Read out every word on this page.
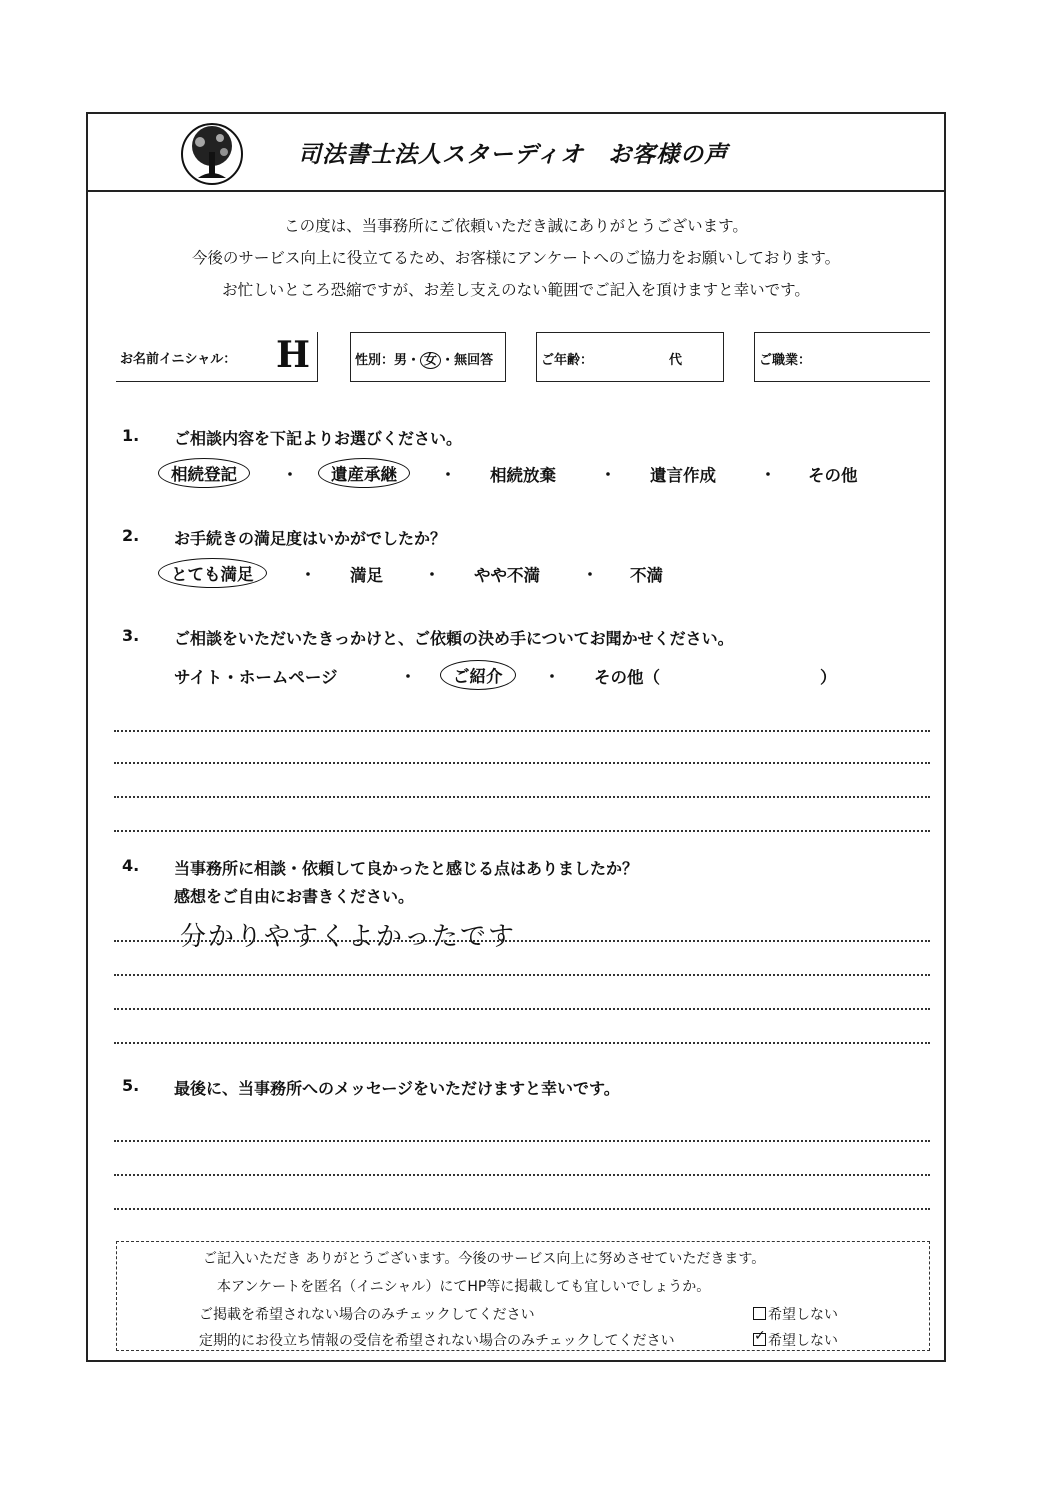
司法書士法人スターディオ　お客様の声
この度は、当事務所にご依頼いただき誠にありがとうございます。
今後のサービス向上に役立てるため、お客様にアンケートへのご協力をお願いしております。
お忙しいところ恐縮ですが、お差し支えのない範囲でご記入を頂けますと幸いです。
お名前イニシャル： H	性別：男・ 女 ・無回答	ご年齢：	代	ご職業：
1. ご相談内容を下記よりお選びください。
相続登記	・	遺産承継	・ 相続放棄	・ 遺言作成	・ その他
2. お手続きの満足度はいかがでしたか？
とても満足	・ 満足	・ やや不満	・ 不満
3. ご相談をいただいたきっかけと、ご依頼の決め手についてお聞かせください。
サイト・ホームページ	・	ご紹介	・ その他（	）
4. 当事務所に相談・依頼して良かったと感じる点はありましたか？
感想をご自由にお書きください。
分かりやすくよかったです
5. 最後に、当事務所へのメッセージをいただけますと幸いです。
ご記入いただき ありがとうございます。今後のサービス向上に努めさせていただきます。
本アンケートを匿名（イニシャル）にてHP等に掲載しても宜しいでしょうか。
ご掲載を希望されない場合のみチェックしてください	希望しない
定期的にお役立ち情報の受信を希望されない場合のみチェックしてください ✓	希望しない
